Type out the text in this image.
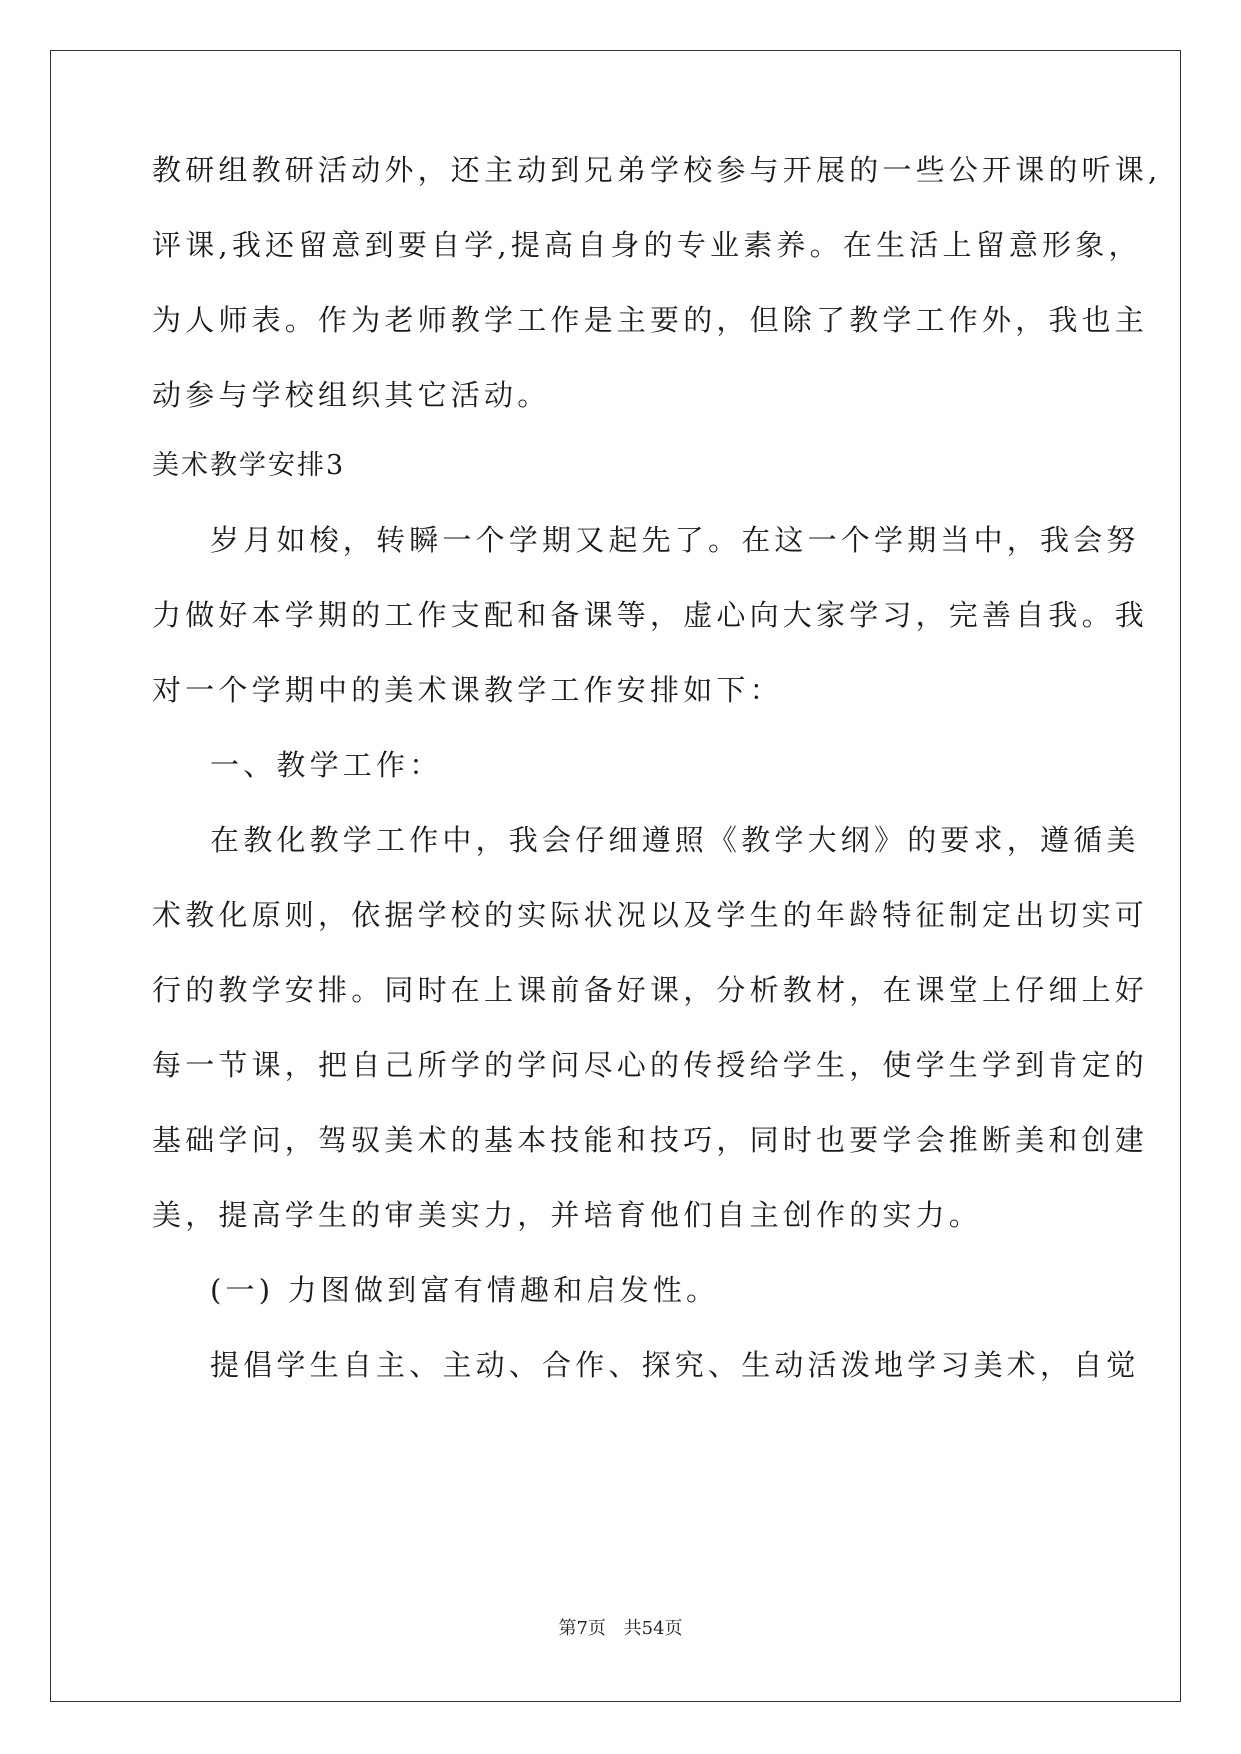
教研组教研活动外，还主动到兄弟学校参与开展的一些公开课的听课,
评课,我还留意到要自学,提高自身的专业素养。在生活上留意形象，
为人师表。作为老师教学工作是主要的，但除了教学工作外，我也主
动参与学校组织其它活动。
美术教学安排3
岁月如梭，转瞬一个学期又起先了。在这一个学期当中，我会努
力做好本学期的工作支配和备课等，虚心向大家学习，完善自我。我
对一个学期中的美术课教学工作安排如下：
一、教学工作：
在教化教学工作中，我会仔细遵照《教学大纲》的要求，遵循美
术教化原则，依据学校的实际状况以及学生的年龄特征制定出切实可
行的教学安排。同时在上课前备好课，分析教材，在课堂上仔细上好
每一节课，把自己所学的学问尽心的传授给学生，使学生学到肯定的
基础学问，驾驭美术的基本技能和技巧，同时也要学会推断美和创建
美，提高学生的审美实力，并培育他们自主创作的实力。
(一) 力图做到富有情趣和启发性。
提倡学生自主、主动、合作、探究、生动活泼地学习美术，自觉
第7页 共54页
